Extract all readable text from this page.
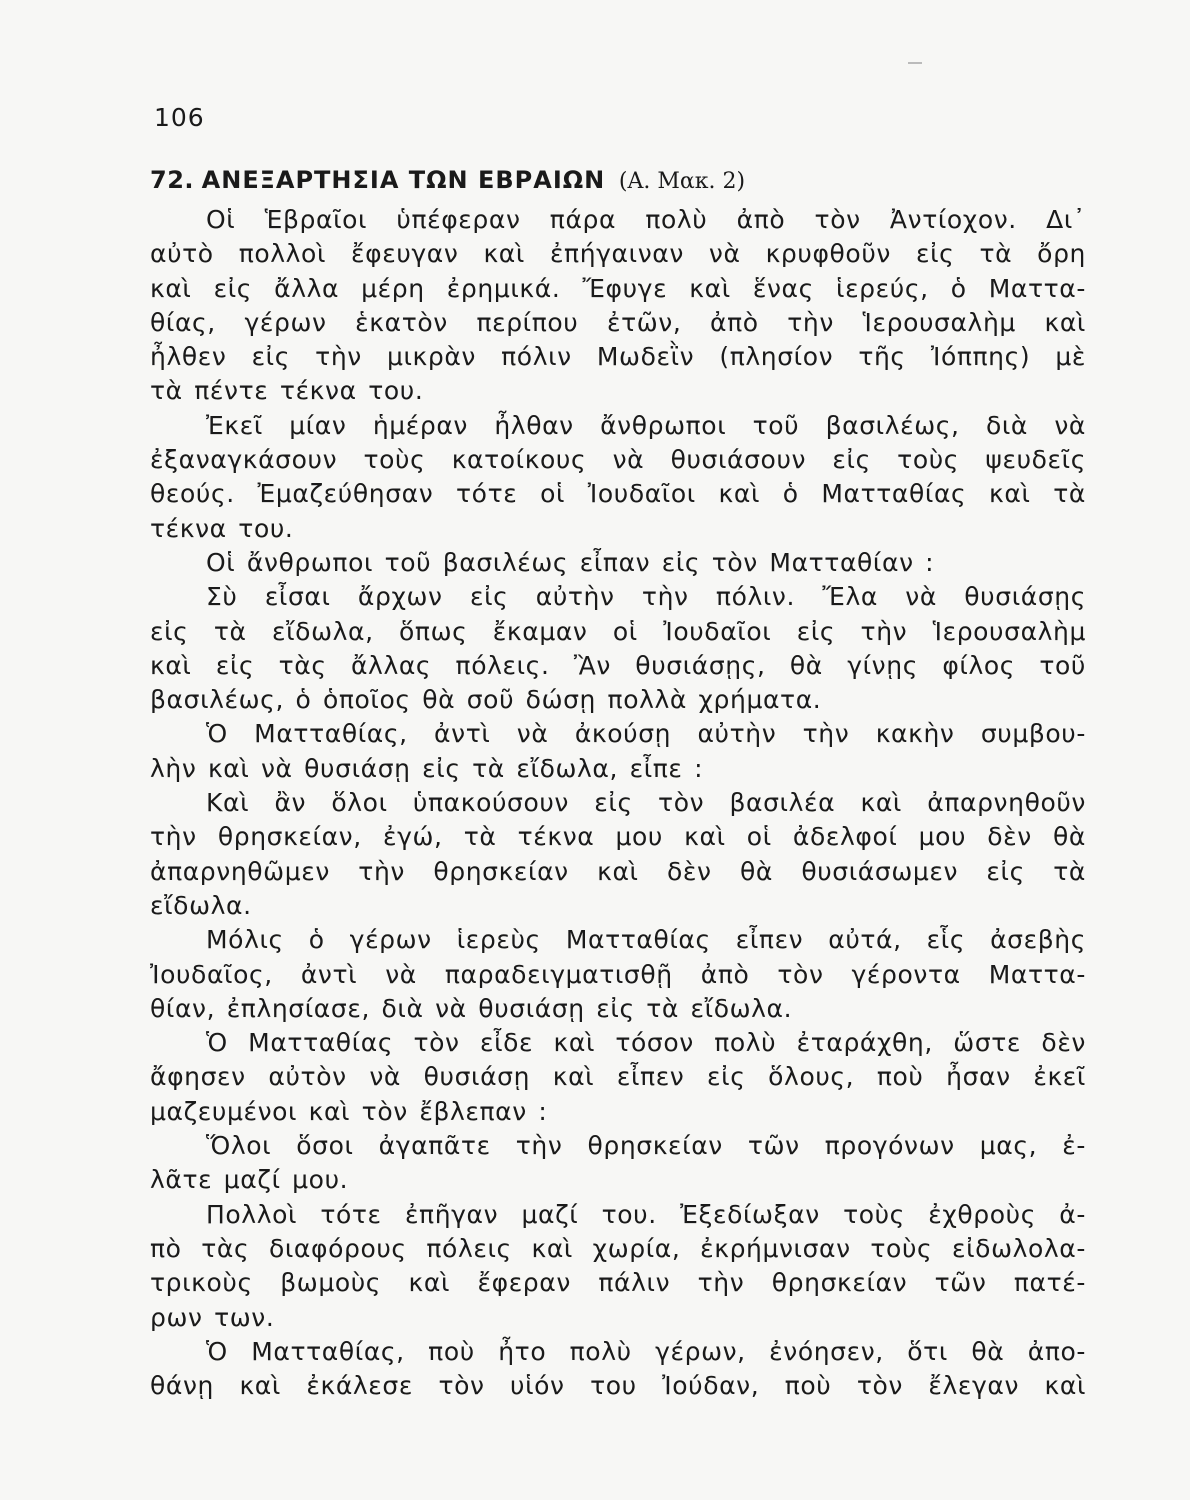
106
72. ΑΝΕΞΑΡΤΗΣΙΑ ΤΩΝ ΕΒΡΑΙΩΝ (Α. Μακ. 2)
Οἱ Ἑβραῖοι ὑπέφεραν πάρα πολὺ ἀπὸ τὸν Ἀντίοχον. Δι᾽
αὐτὸ πολλοὶ ἔφευγαν καὶ ἐπήγαιναν νὰ κρυφθοῦν εἰς τὰ ὄρη
καὶ εἰς ἄλλα μέρη ἐρημικά. Ἔφυγε καὶ ἕνας ἱερεύς, ὁ Ματτα-
θίας, γέρων ἑκατὸν περίπου ἐτῶν, ἀπὸ τὴν Ἱερουσαλὴμ καὶ
ἦλθεν εἰς τὴν μικρὰν πόλιν Μωδεῒν (πλησίον τῆς Ἰόππης) μὲ
τὰ πέντε τέκνα του.
Ἐκεῖ μίαν ἡμέραν ἦλθαν ἄνθρωποι τοῦ βασιλέως, διὰ νὰ
ἐξαναγκάσουν τοὺς κατοίκους νὰ θυσιάσουν εἰς τοὺς ψευδεῖς
θεούς. Ἐμαζεύθησαν τότε οἱ Ἰουδαῖοι καὶ ὁ Ματταθίας καὶ τὰ
τέκνα του.
Οἱ ἄνθρωποι τοῦ βασιλέως εἶπαν εἰς τὸν Ματταθίαν :
Σὺ εἶσαι ἄρχων εἰς αὐτὴν τὴν πόλιν. Ἔλα νὰ θυσιάσῃς
εἰς τὰ εἴδωλα, ὅπως ἔκαμαν οἱ Ἰουδαῖοι εἰς τὴν Ἱερουσαλὴμ
καὶ εἰς τὰς ἄλλας πόλεις. Ἂν θυσιάσῃς, θὰ γίνῃς φίλος τοῦ
βασιλέως, ὁ ὁποῖος θὰ σοῦ δώσῃ πολλὰ χρήματα.
Ὁ Ματταθίας, ἀντὶ νὰ ἀκούσῃ αὐτὴν τὴν κακὴν συμβου-
λὴν καὶ νὰ θυσιάσῃ εἰς τὰ εἴδωλα, εἶπε :
Καὶ ἂν ὅλοι ὑπακούσουν εἰς τὸν βασιλέα καὶ ἀπαρνηθοῦν
τὴν θρησκείαν, ἐγώ, τὰ τέκνα μου καὶ οἱ ἀδελφοί μου δὲν θὰ
ἀπαρνηθῶμεν τὴν θρησκείαν καὶ δὲν θὰ θυσιάσωμεν εἰς τὰ
εἴδωλα.
Μόλις ὁ γέρων ἱερεὺς Ματταθίας εἶπεν αὐτά, εἷς ἀσεβὴς
Ἰουδαῖος, ἀντὶ νὰ παραδειγματισθῇ ἀπὸ τὸν γέροντα Ματτα-
θίαν, ἐπλησίασε, διὰ νὰ θυσιάσῃ εἰς τὰ εἴδωλα.
Ὁ Ματταθίας τὸν εἶδε καὶ τόσον πολὺ ἐταράχθη, ὥστε δὲν
ἄφησεν αὐτὸν νὰ θυσιάσῃ καὶ εἶπεν εἰς ὅλους, ποὺ ἦσαν ἐκεῖ
μαζευμένοι καὶ τὸν ἔβλεπαν :
Ὅλοι ὅσοι ἀγαπᾶτε τὴν θρησκείαν τῶν προγόνων μας, ἐ-
λᾶτε μαζί μου.
Πολλοὶ τότε ἐπῆγαν μαζί του. Ἐξεδίωξαν τοὺς ἐχθροὺς ἀ-
πὸ τὰς διαφόρους πόλεις καὶ χωρία, ἐκρήμνισαν τοὺς εἰδωλολα-
τρικοὺς βωμοὺς καὶ ἔφεραν πάλιν τὴν θρησκείαν τῶν πατέ-
ρων των.
Ὁ Ματταθίας, ποὺ ἦτο πολὺ γέρων, ἐνόησεν, ὅτι θὰ ἀπο-
θάνῃ καὶ ἐκάλεσε τὸν υἱόν του Ἰούδαν, ποὺ τὸν ἔλεγαν καὶ
